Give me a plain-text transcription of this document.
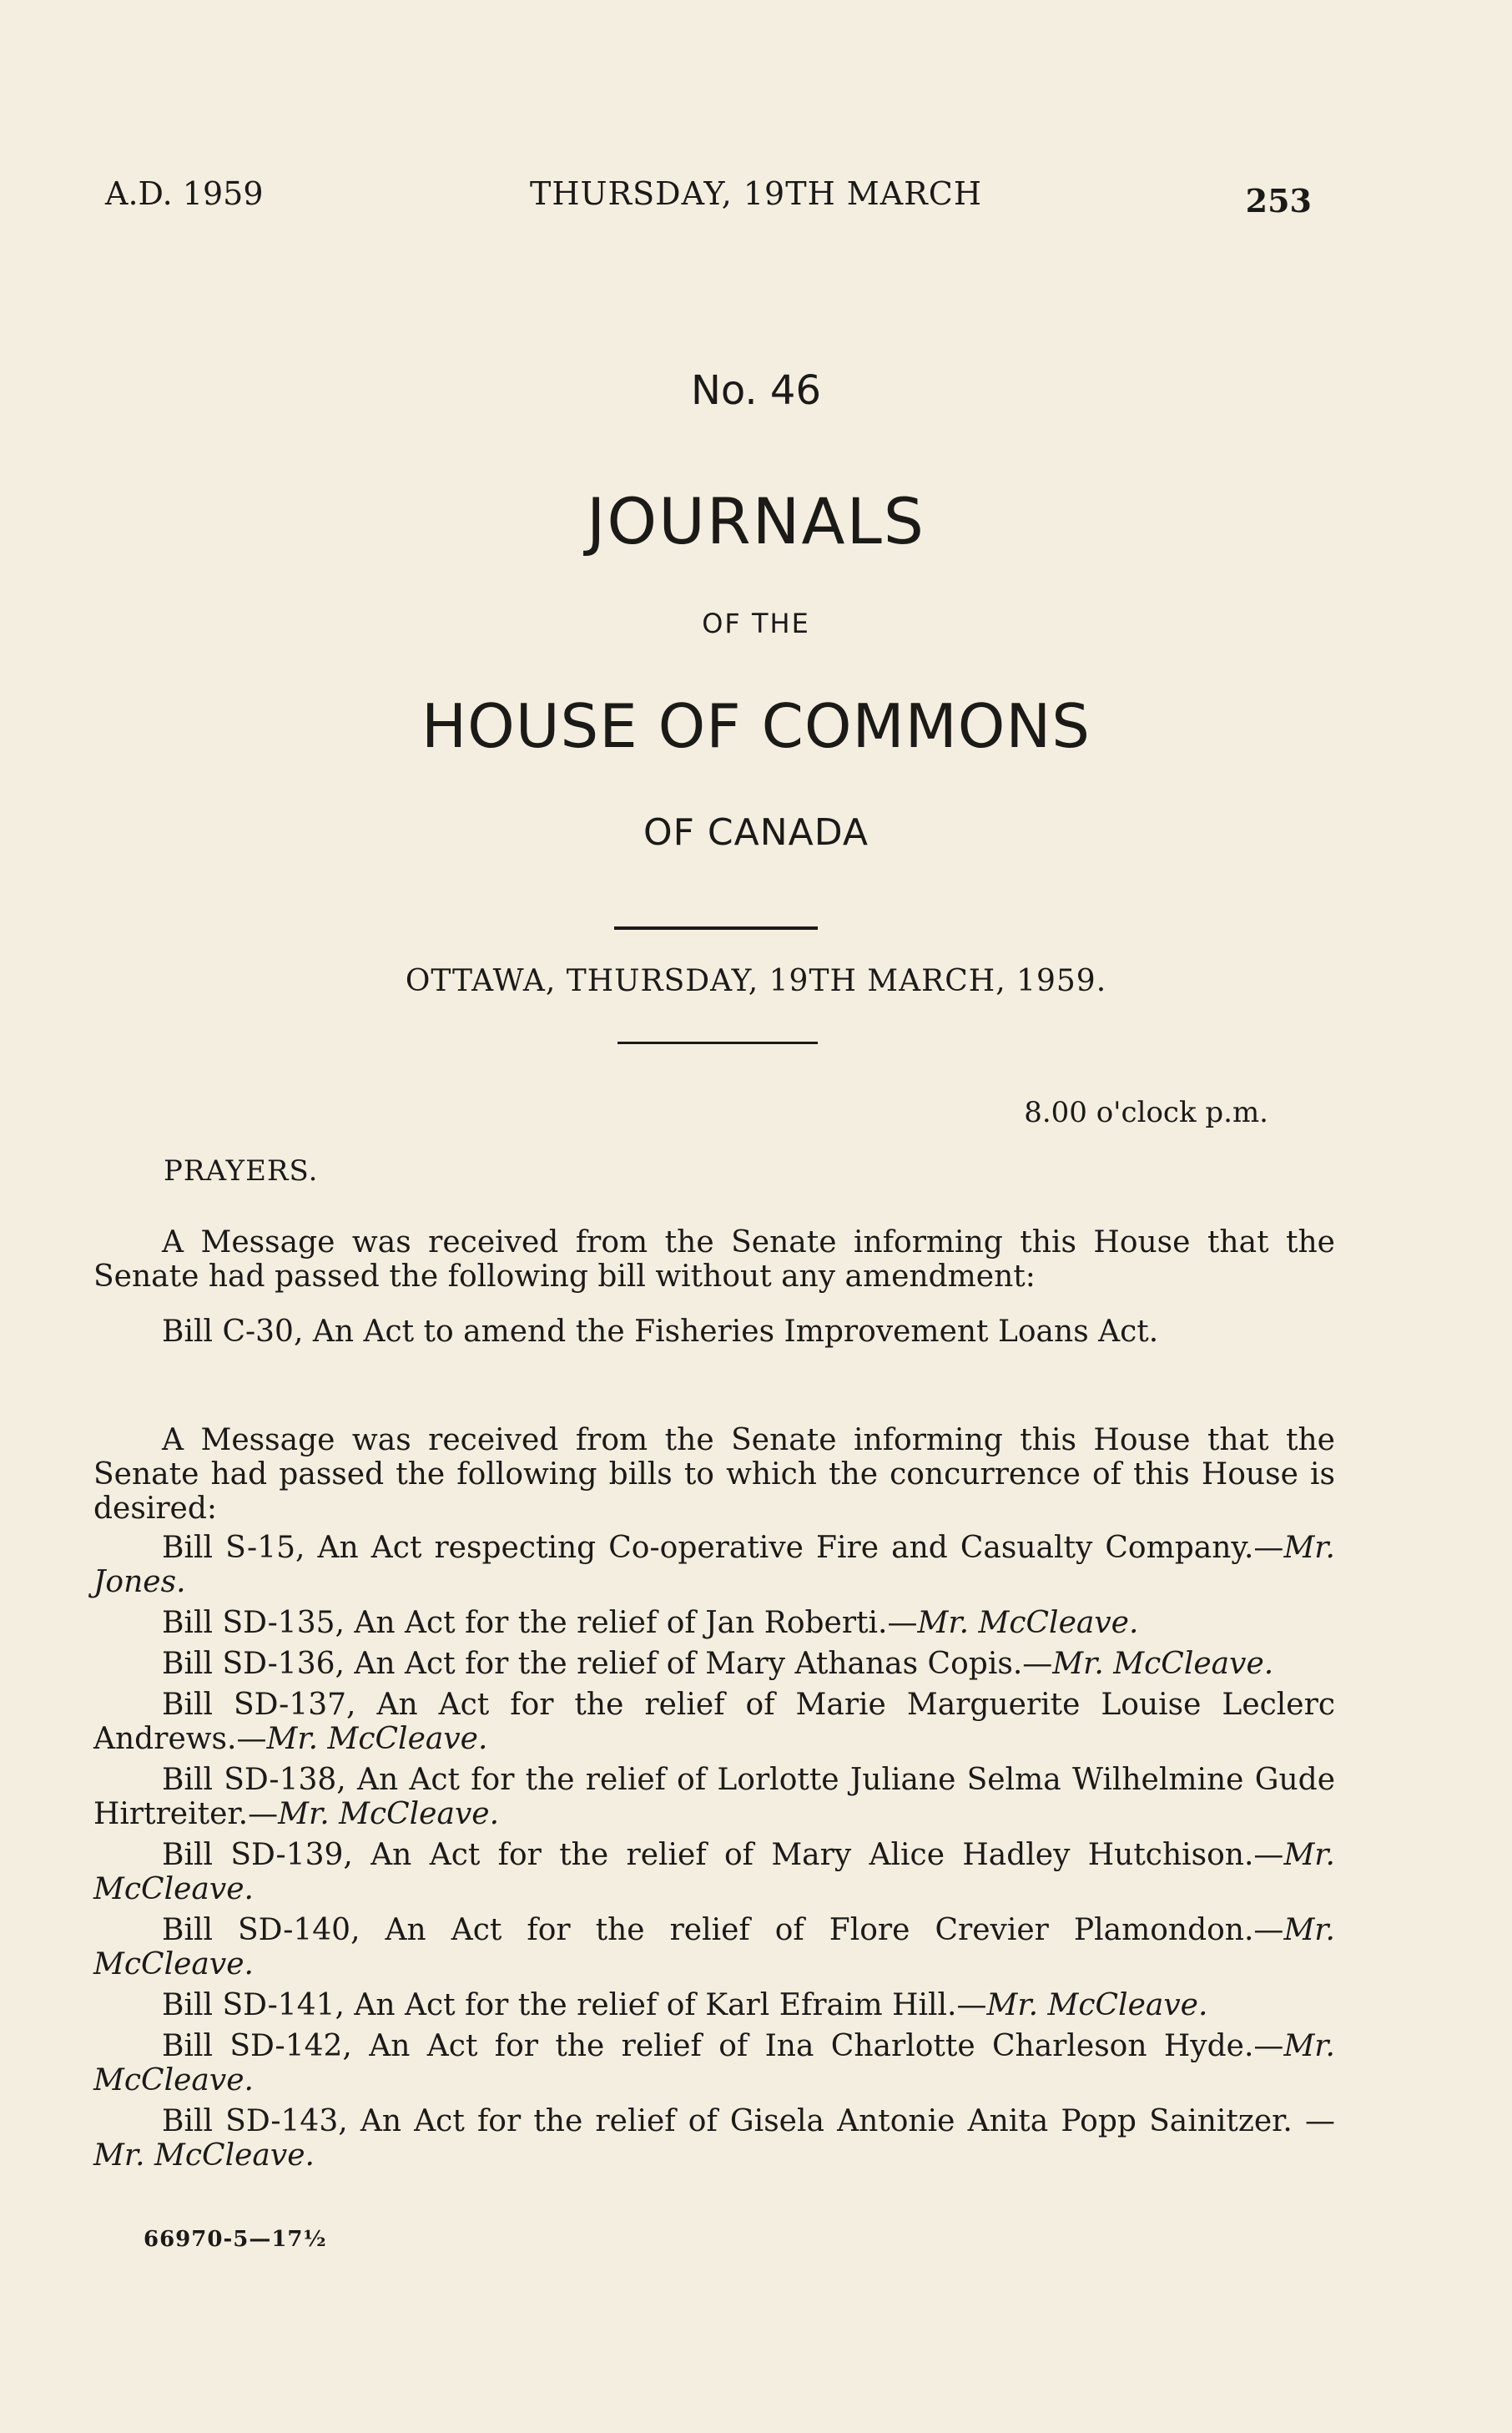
A.D. 1959	THURSDAY, 19TH MARCH	253
No. 46
JOURNALS
OF THE
HOUSE OF COMMONS
OF CANADA
OTTAWA, THURSDAY, 19TH MARCH, 1959.
8.00 o'clock p.m.
PRAYERS.

A Message was received from the Senate informing this House that the Senate had passed the following bill without any amendment:

Bill C-30, An Act to amend the Fisheries Improvement Loans Act.

A Message was received from the Senate informing this House that the Senate had passed the following bills to which the concurrence of this House is desired:

Bill S-15, An Act respecting Co-operative Fire and Casualty Company.—Mr. Jones.

Bill SD-135, An Act for the relief of Jan Roberti.—Mr. McCleave.

Bill SD-136, An Act for the relief of Mary Athanas Copis.—Mr. McCleave.

Bill SD-137, An Act for the relief of Marie Marguerite Louise Leclerc Andrews.—Mr. McCleave.

Bill SD-138, An Act for the relief of Lorlotte Juliane Selma Wilhelmine Gude Hirtreiter.—Mr. McCleave.

Bill SD-139, An Act for the relief of Mary Alice Hadley Hutchison.—Mr. McCleave.

Bill SD-140, An Act for the relief of Flore Crevier Plamondon.—Mr. McCleave.

Bill SD-141, An Act for the relief of Karl Efraim Hill.—Mr. McCleave.

Bill SD-142, An Act for the relief of Ina Charlotte Charleson Hyde.—Mr. McCleave.

Bill SD-143, An Act for the relief of Gisela Antonie Anita Popp Sainitzer. —Mr. McCleave.

66970-5—17½
